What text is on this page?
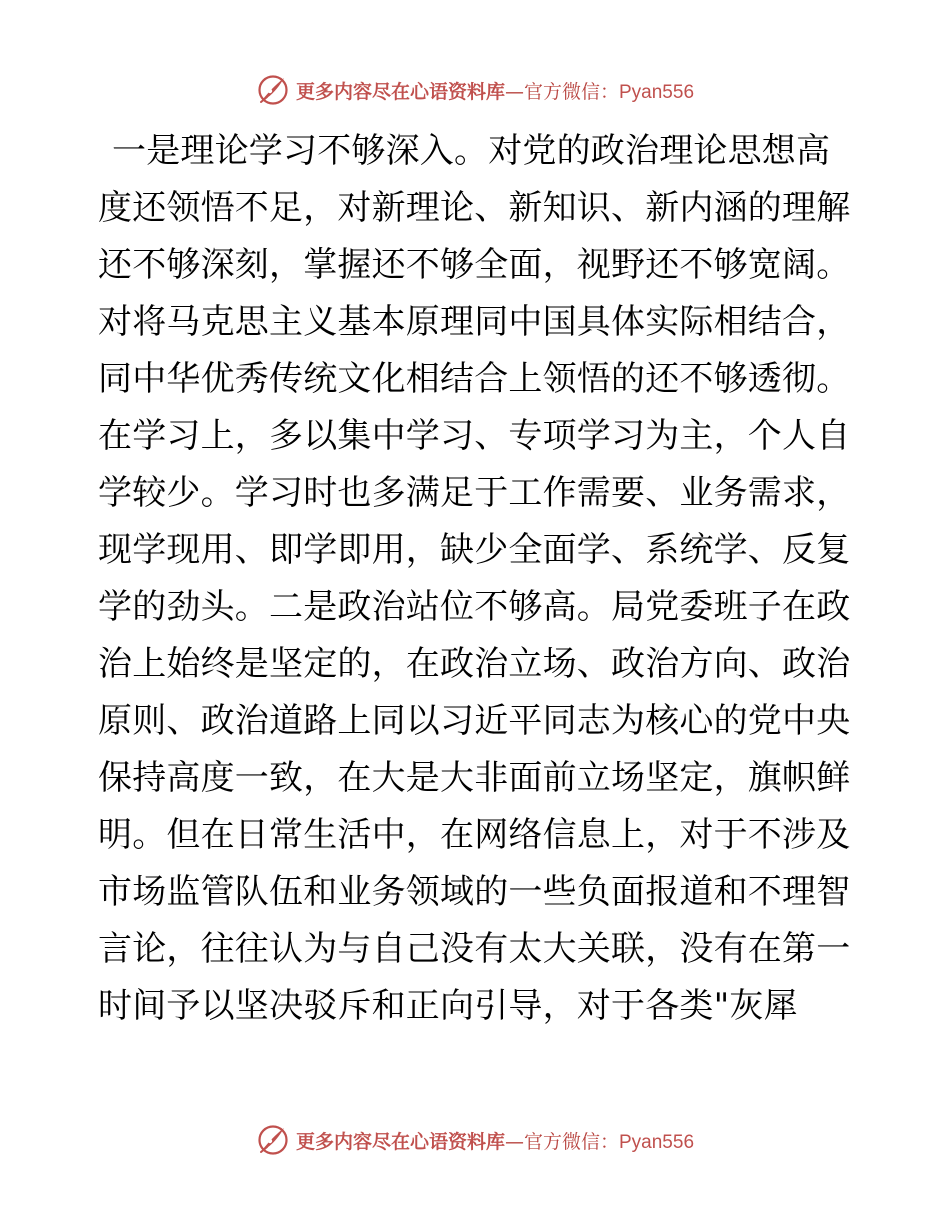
更多内容尽在心语资料库—官方微信：Pyan556
一是理论学习不够深入。对党的政治理论思想高
度还领悟不足，对新理论、新知识、新内涵的理解
还不够深刻，掌握还不够全面，视野还不够宽阔。
对将马克思主义基本原理同中国具体实际相结合，
同中华优秀传统文化相结合上领悟的还不够透彻。
在学习上，多以集中学习、专项学习为主，个人自
学较少。学习时也多满足于工作需要、业务需求，
现学现用、即学即用，缺少全面学、系统学、反复
学的劲头。二是政治站位不够高。局党委班子在政
治上始终是坚定的，在政治立场、政治方向、政治
原则、政治道路上同以习近平同志为核心的党中央
保持高度一致，在大是大非面前立场坚定，旗帜鲜
明。但在日常生活中，在网络信息上，对于不涉及
市场监管队伍和业务领域的一些负面报道和不理智
言论，往往认为与自己没有太大关联，没有在第一
时间予以坚决驳斥和正向引导，对于各类"灰犀
更多内容尽在心语资料库—官方微信：Pyan556
